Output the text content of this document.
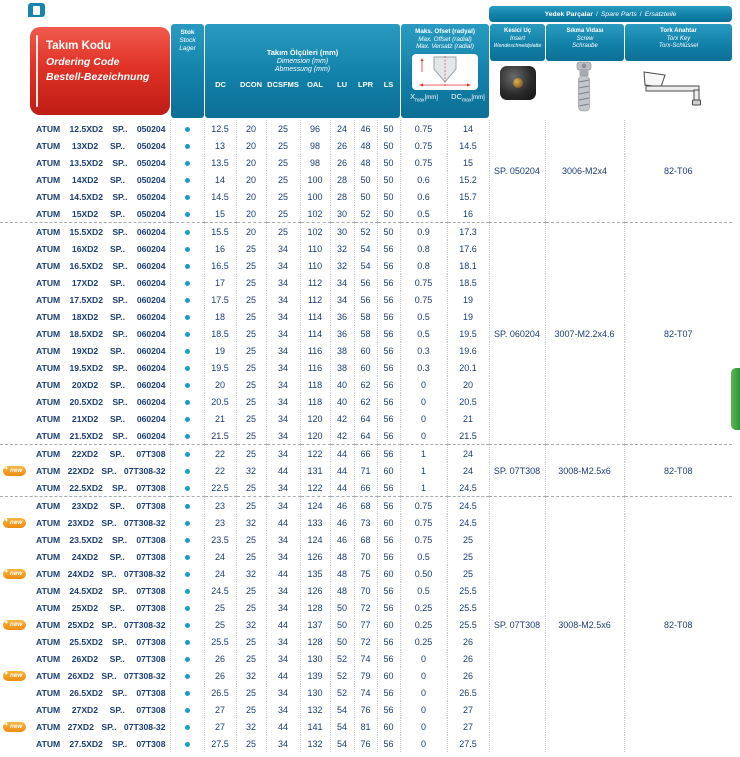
Takım Kodu
Ordering Code
Bestell-Bezeichnung
Stok
Stock
Lager	Takım Ölçüleri (mm)
Dimension (mm)
Abmessung (mm)
DC	DCON DCSFMS	OAL	LU	LPR	LS
Maks. Ofset (radyal)
Max. Offset (radial)
Max. Versatz (radial)
$X_{max}[mm]$	$DC_{max}[mm]$
Yedek Parçalar / Spare Parts / Ersatzteile
Kesici Uç
Insert
Wendeschneidplatte
Sıkma Vidası
Screw
Schraube
Tork Anahtar
Torx Key
Torx-Schlüssel
ATUM 12.5XD2 SP.. 050204		12.5	20	25	96	24	46	50	0.75	14	SP. 050204	3006-M2x4	82-T06

ATUM 13XD2 SP.. 050204		13	20	25	98	26	48	50	0.75	14.5			

ATUM 13.5XD2 SP.. 050204		13.5	20	25	98	26	48	50	0.75	15			

ATUM 14XD2 SP.. 050204		14	20	25	100	28	50	50	0.6	15.2			

ATUM 14.5XD2 SP.. 050204		14.5	20	25	100	28	50	50	0.6	15.7			

ATUM 15XD2 SP.. 050204		15	20	25	102	30	52	50	0.5	16			

ATUM 15.5XD2 SP.. 060204		15.5	20	25	102	30	52	50	0.9	17.3	SP. 060204	3007-M2.2x4.6	82-T07

ATUM 16XD2 SP.. 060204		16	25	34	110	32	54	56	0.8	17.6			

ATUM 16.5XD2 SP.. 060204		16.5	25	34	110	32	54	56	0.8	18.1			

ATUM 17XD2 SP.. 060204		17	25	34	112	34	56	56	0.75	18.5			

ATUM 17.5XD2 SP.. 060204		17.5	25	34	112	34	56	56	0.75	19			

ATUM 18XD2 SP.. 060204		18	25	34	114	36	58	56	0.5	19			

ATUM 18.5XD2 SP.. 060204		18.5	25	34	114	36	58	56	0.5	19.5			

ATUM 19XD2 SP.. 060204		19	25	34	116	38	60	56	0.3	19.6			

ATUM 19.5XD2 SP.. 060204		19.5	25	34	116	38	60	56	0.3	20.1			

ATUM 20XD2 SP.. 060204		20	25	34	118	40	62	56	0	20			

ATUM 20.5XD2 SP.. 060204		20.5	25	34	118	40	62	56	0	20.5			

ATUM 21XD2 SP.. 060204		21	25	34	120	42	64	56	0	21			

ATUM 21.5XD2 SP.. 060204		21.5	25	34	120	42	64	56	0	21.5			

ATUM 22XD2 SP.. 07T308		22	25	34	122	44	66	56	1	24	SP. 07T308	3008-M2.5x6	82-T08

✦ new ATUM 22XD2 SP.. 07T308-32		22	32	44	131	44	71	60	1	24			

ATUM 22.5XD2 SP.. 07T308		22.5	25	34	122	44	66	56	1	24.5			

ATUM 23XD2 SP.. 07T308		23	25	34	124	46	68	56	0.75	24.5	SP. 07T308	3008-M2.5x6	82-T08

✦ new ATUM 23XD2 SP.. 07T308-32		23	32	44	133	46	73	60	0.75	24.5			

ATUM 23.5XD2 SP.. 07T308		23.5	25	34	124	46	68	56	0.75	25			

ATUM 24XD2 SP.. 07T308		24	25	34	126	48	70	56	0.5	25			

✦ new ATUM 24XD2 SP.. 07T308-32		24	32	44	135	48	75	60	0.50	25			

ATUM 24.5XD2 SP.. 07T308		24.5	25	34	126	48	70	56	0.5	25.5			

ATUM 25XD2 SP.. 07T308		25	25	34	128	50	72	56	0.25	25.5			

✦ new ATUM 25XD2 SP.. 07T308-32		25	32	44	137	50	77	60	0.25	25.5			

ATUM 25.5XD2 SP.. 07T308		25.5	25	34	128	50	72	56	0.25	26			

ATUM 26XD2 SP.. 07T308		26	25	34	130	52	74	56	0	26			

✦ new ATUM 26XD2 SP.. 07T308-32		26	32	44	139	52	79	60	0	26			

ATUM 26.5XD2 SP.. 07T308		26.5	25	34	130	52	74	56	0	26.5			

ATUM 27XD2 SP.. 07T308		27	25	34	132	54	76	56	0	27			

✦ new ATUM 27XD2 SP.. 07T308-32		27	32	44	141	54	81	60	0	27			

ATUM 27.5XD2 SP.. 07T308		27.5	25	34	132	54	76	56	0	27.5			
